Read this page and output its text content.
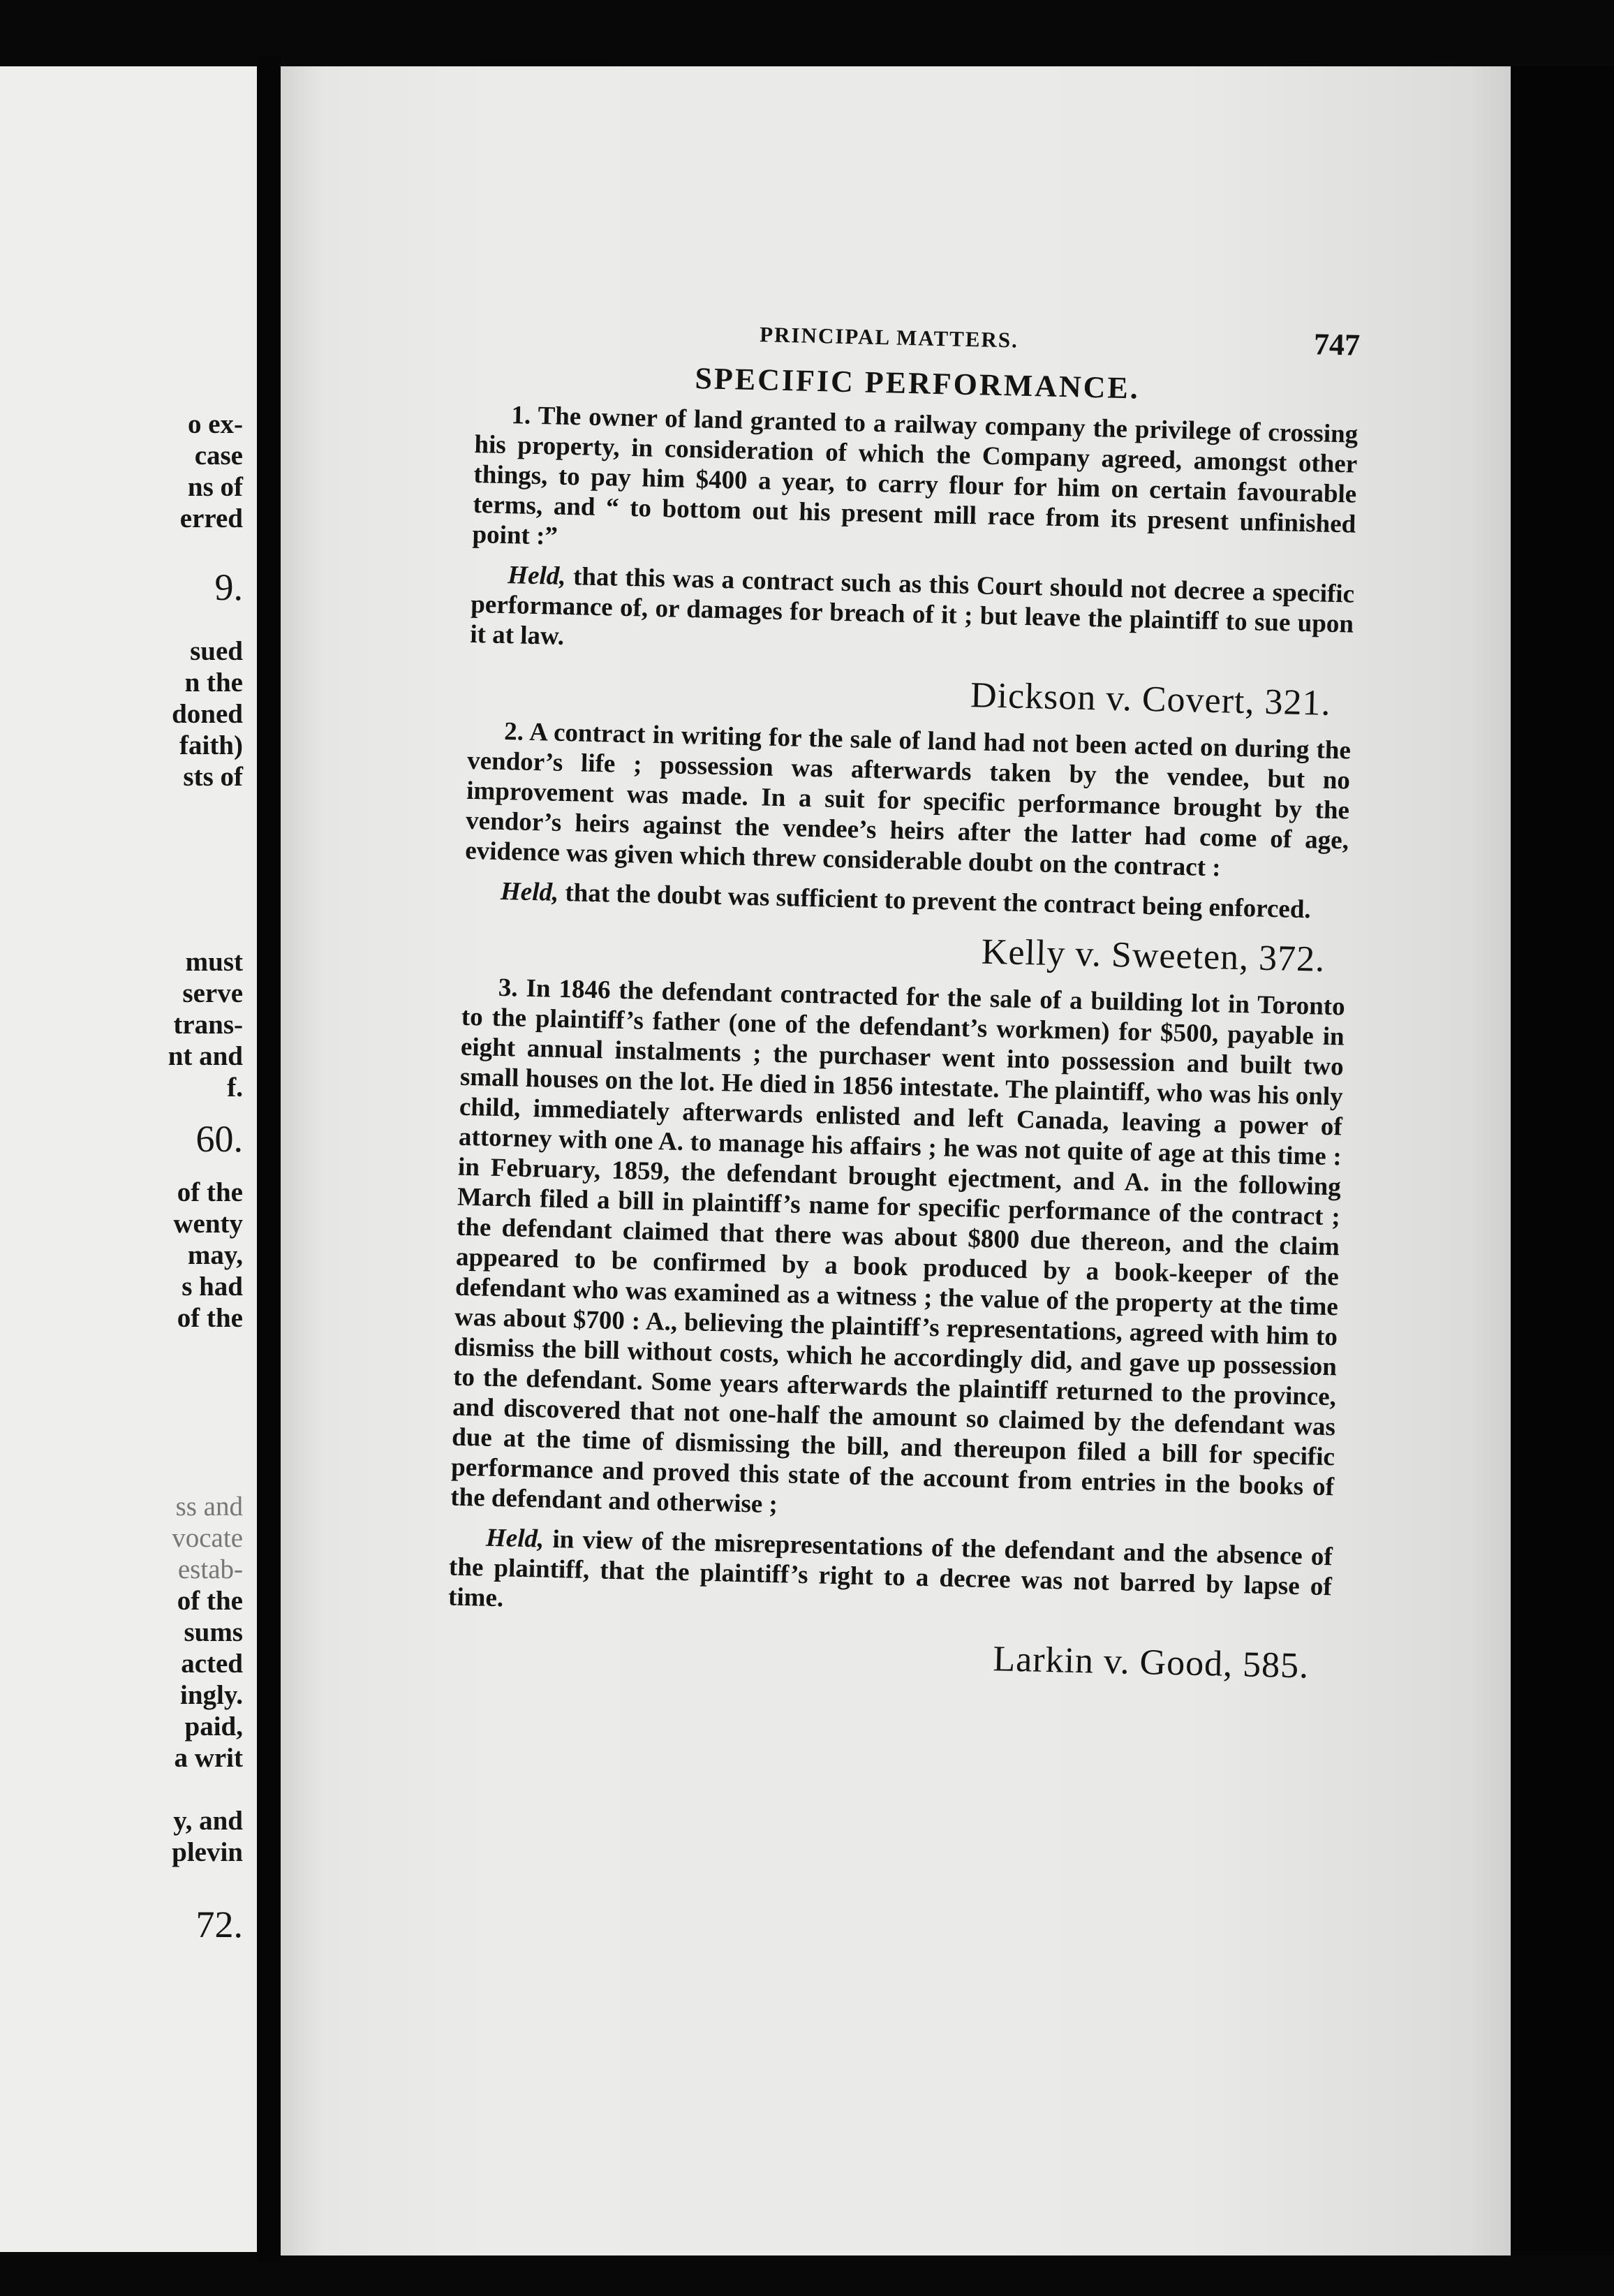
o ex-
case
ns of
erred
9.
sued
n the
doned
faith)
sts of
must
serve
trans-
nt and
f.
60.
of the
wenty
may,
s had
of the
ss and
vocate
estab-
of the
sums
acted
ingly.
paid,
a writ
y, and
plevin
72.
PRINCIPAL MATTERS.	747
SPECIFIC PERFORMANCE.

1. The owner of land granted to a railway company the privilege of crossing his property, in consideration of which the Company agreed, amongst other things, to pay him $400 a year, to carry flour for him on certain favourable terms, and “ to bottom out his present mill race from its present unfinished point :”

Held, that this was a contract such as this Court should not decree a specific performance of, or damages for breach of it ; but leave the plaintiff to sue upon it at law.

Dickson v. Covert, 321.

2. A contract in writing for the sale of land had not been acted on during the vendor’s life ; possession was afterwards taken by the vendee, but no improvement was made. In a suit for specific performance brought by the vendor’s heirs against the vendee’s heirs after the latter had come of age, evidence was given which threw considerable doubt on the contract :

Held, that the doubt was sufficient to prevent the contract being enforced.

Kelly v. Sweeten, 372.

3. In 1846 the defendant contracted for the sale of a building lot in Toronto to the plaintiff’s father (one of the defendant’s workmen) for $500, payable in eight annual instalments ; the purchaser went into possession and built two small houses on the lot. He died in 1856 intestate. The plaintiff, who was his only child, immediately afterwards enlisted and left Canada, leaving a power of attorney with one A. to manage his affairs ; he was not quite of age at this time : in February, 1859, the defendant brought ejectment, and A. in the following March filed a bill in plaintiff’s name for specific performance of the contract ; the defendant claimed that there was about $800 due thereon, and the claim appeared to be confirmed by a book produced by a book-keeper of the defendant who was examined as a witness ; the value of the property at the time was about $700 : A., believing the plaintiff’s representations, agreed with him to dismiss the bill without costs, which he accordingly did, and gave up possession to the defendant. Some years afterwards the plaintiff returned to the province, and discovered that not one-half the amount so claimed by the defendant was due at the time of dismissing the bill, and thereupon filed a bill for specific performance and proved this state of the account from entries in the books of the defendant and otherwise ;

Held, in view of the misrepresentations of the defendant and the absence of the plaintiff, that the plaintiff’s right to a decree was not barred by lapse of time.

Larkin v. Good, 585.
